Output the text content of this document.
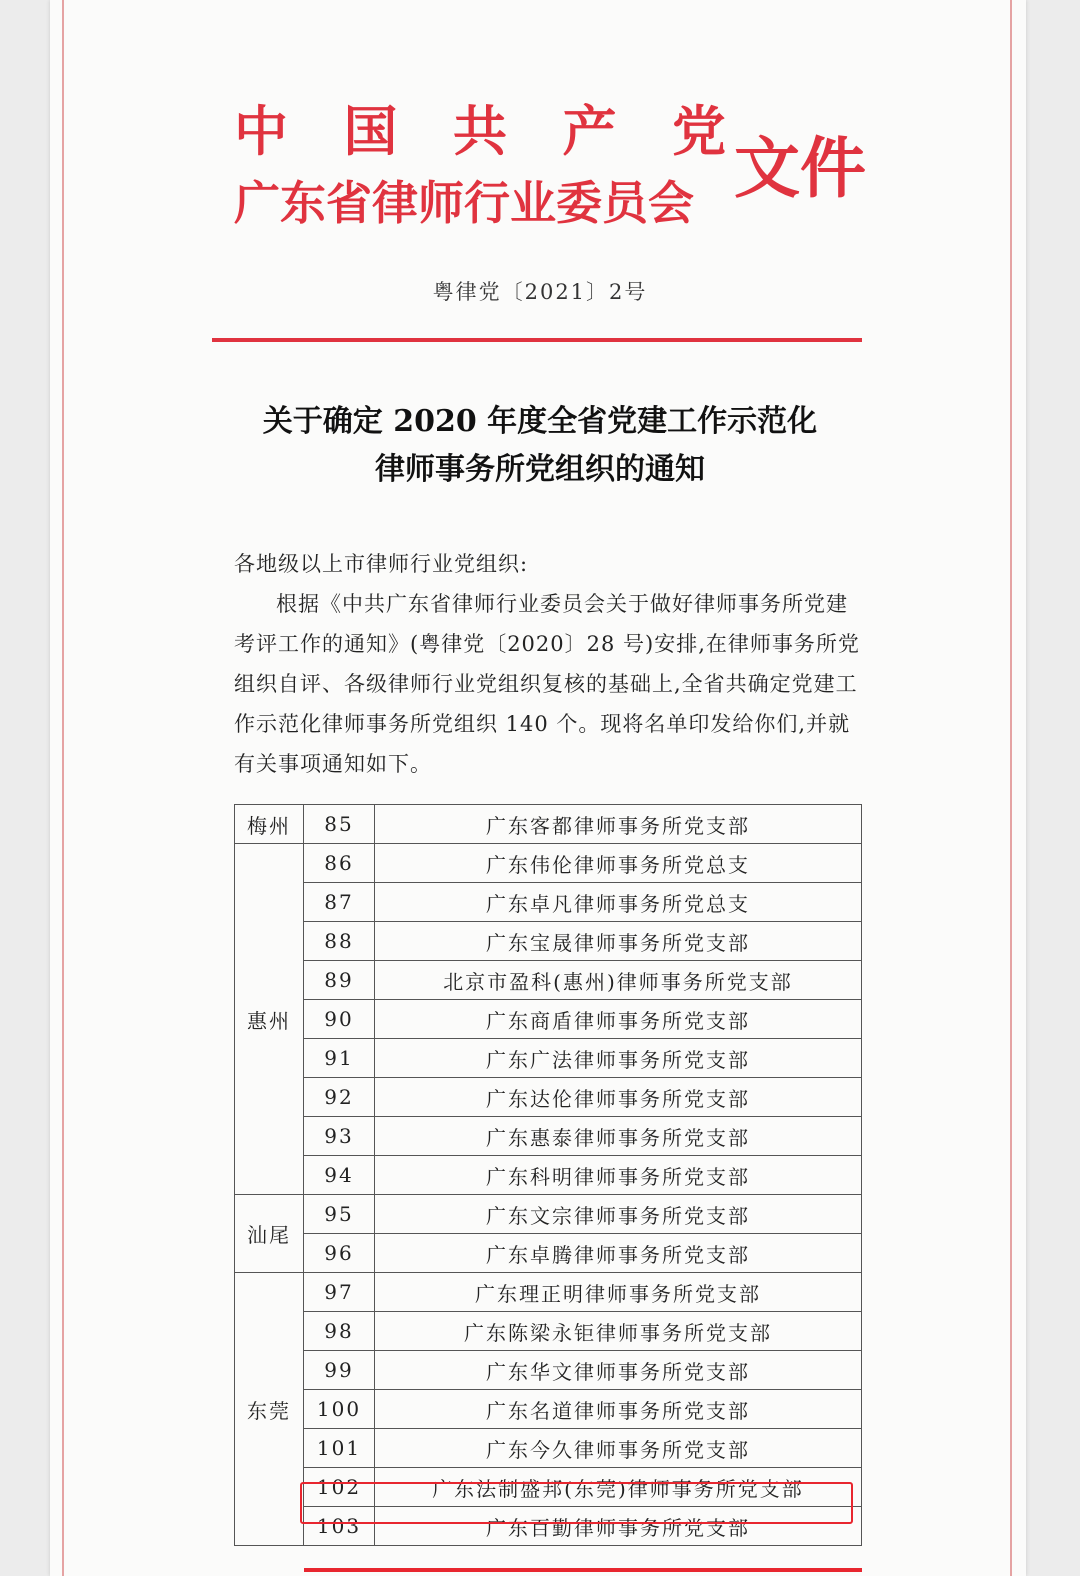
中 国 共 产 党
广东省律师行业委员会 文件
粤律党〔2021〕2号
关于确定 2020 年度全省党建工作示范化
律师事务所党组织的通知

各地级以上市律师行业党组织:

根据《中共广东省律师行业委员会关于做好律师事务所党建考评工作的通知》(粤律党〔2020〕28 号)安排,在律师事务所党组织自评、各级律师行业党组织复核的基础上,全省共确定党建工作示范化律师事务所党组织 140 个。现将名单印发给你们,并就有关事项通知如下。

梅州	85	广东客都律师事务所党支部
惠州	86	广东伟伦律师事务所党总支
	87	广东卓凡律师事务所党总支
	88	广东宝晟律师事务所党支部
	89	北京市盈科(惠州)律师事务所党支部
	90	广东商盾律师事务所党支部
	91	广东广法律师事务所党支部
	92	广东达伦律师事务所党支部
	93	广东惠泰律师事务所党支部
	94	广东科明律师事务所党支部
汕尾	95	广东文宗律师事务所党支部
	96	广东卓腾律师事务所党支部
东莞	97	广东理正明律师事务所党支部
	98	广东陈梁永钜律师事务所党支部
	99	广东华文律师事务所党支部
	100	广东名道律师事务所党支部
	101	广东今久律师事务所党支部
	102	广东法制盛邦(东莞)律师事务所党支部
	103	广东百勤律师事务所党支部
